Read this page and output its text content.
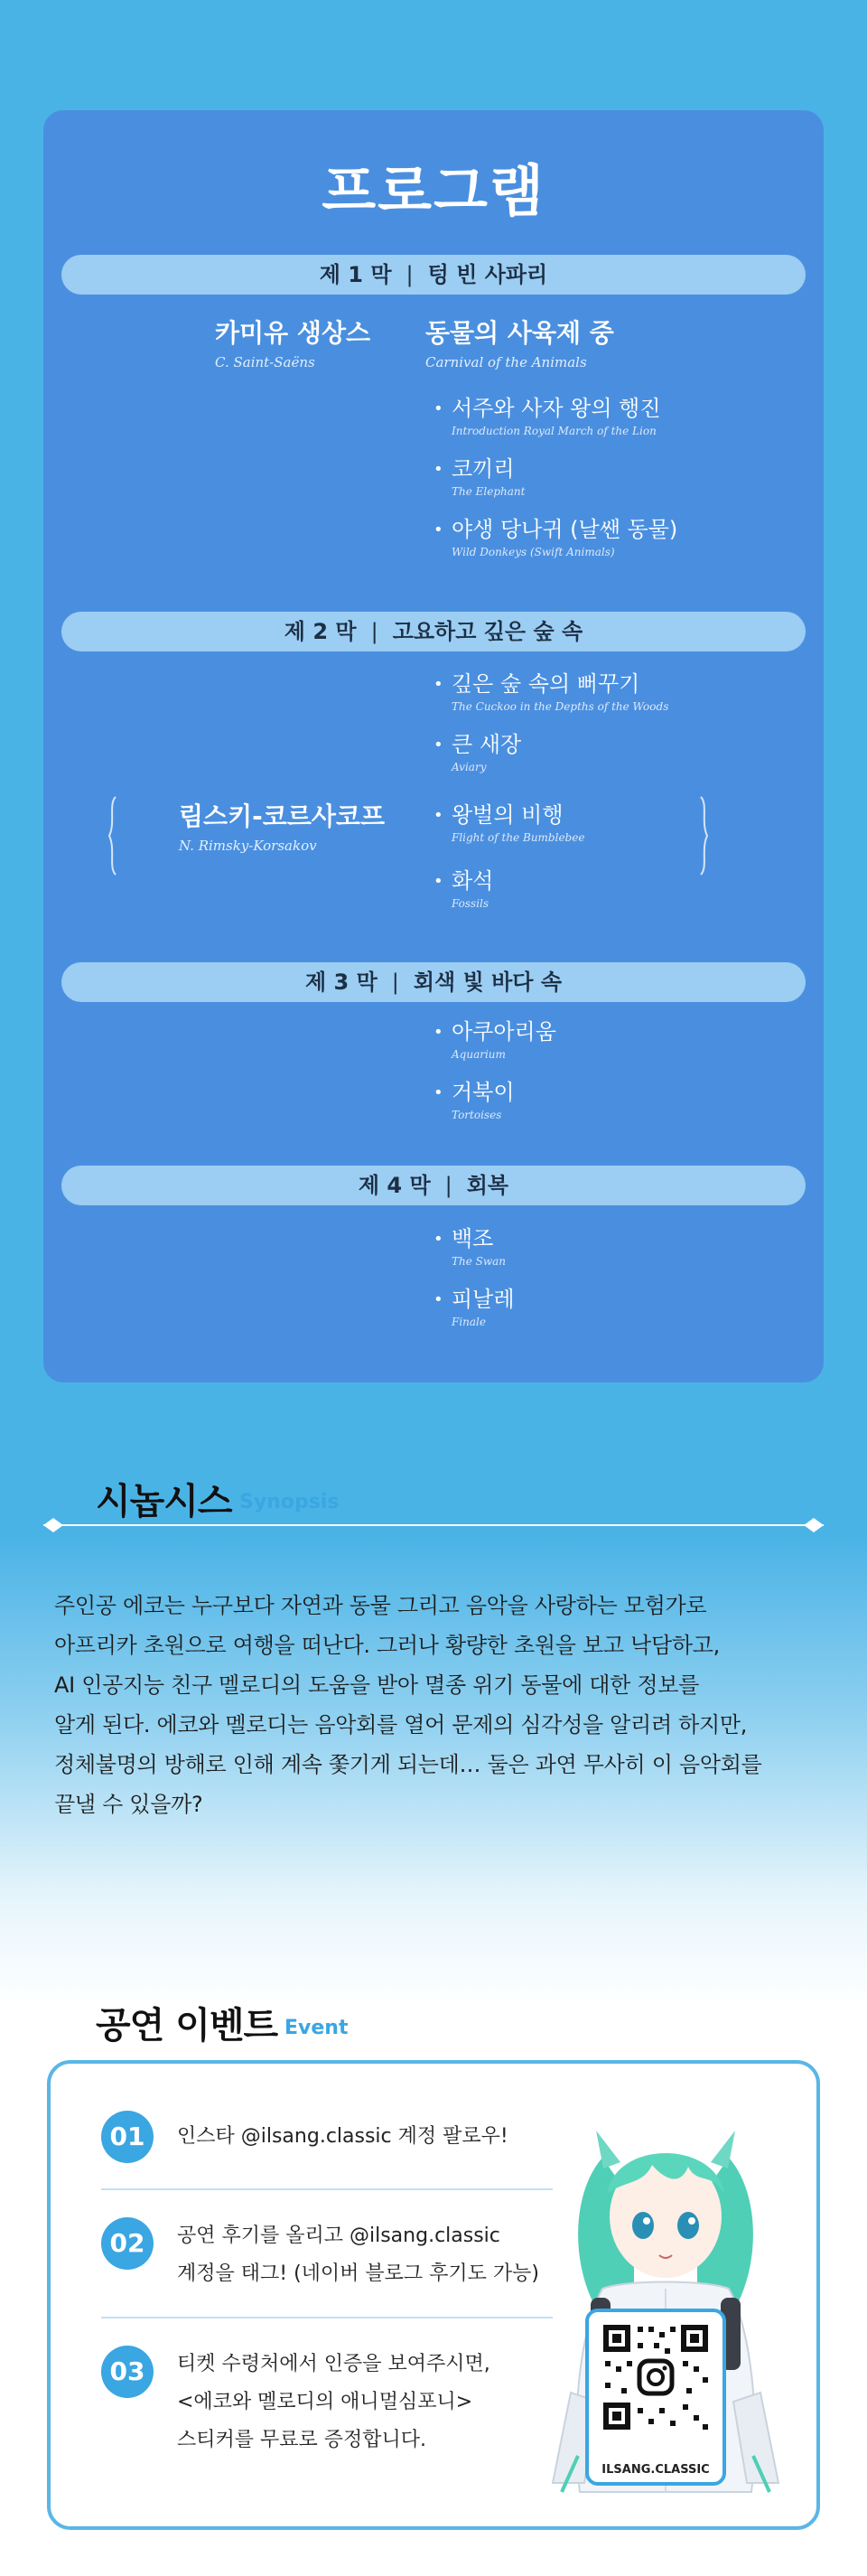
프로그램
제 1 막 | 텅 빈 사파리
카미유 생상스
C. Saint-Saëns
동물의 사육제 중
Carnival of the Animals
• 서주와 사자 왕의 행진
Introduction Royal March of the Lion
• 코끼리
The Elephant
• 야생 당나귀 (날쌘 동물)
Wild Donkeys (Swift Animals)
제 2 막 | 고요하고 깊은 숲 속
• 깊은 숲 속의 뻐꾸기
The Cuckoo in the Depths of the Woods
• 큰 새장
Aviary
림스키-코르사코프
N. Rimsky-Korsakov
• 왕벌의 비행
Flight of the Bumblebee
• 화석
Fossils
제 3 막 | 회색 빛 바다 속
• 아쿠아리움
Aquarium
• 거북이
Tortoises
제 4 막 | 회복
• 백조
The Swan
• 피날레
Finale
시놉시스 Synopsis
주인공 에코는 누구보다 자연과 동물 그리고 음악을 사랑하는 모험가로
아프리카 초원으로 여행을 떠난다. 그러나 황량한 초원을 보고 낙담하고,
AI 인공지능 친구 멜로디의 도움을 받아 멸종 위기 동물에 대한 정보를
알게 된다. 에코와 멜로디는 음악회를 열어 문제의 심각성을 알리려 하지만,
정체불명의 방해로 인해 계속 쫓기게 되는데… 둘은 과연 무사히 이 음악회를
끝낼 수 있을까?
공연 이벤트 Event
01	인스타 @ilsang.classic 계정 팔로우!
02	공연 후기를 올리고 @ilsang.classic
계정을 태그! (네이버 블로그 후기도 가능)
03	티켓 수령처에서 인증을 보여주시면,
<에코와 멜로디의 애니멀심포니>
스티커를 무료로 증정합니다.
ILSANG.CLASSIC
